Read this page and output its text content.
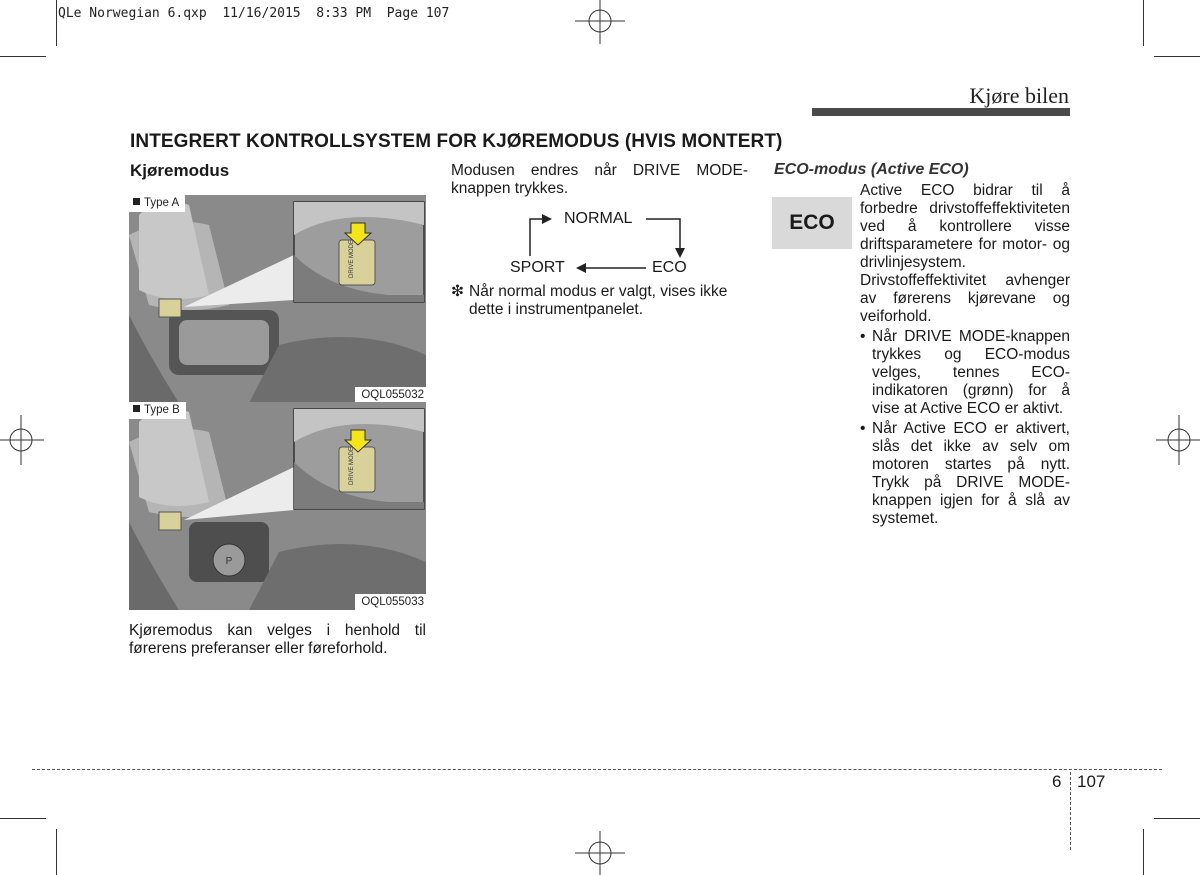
QLe Norwegian 6.qxp  11/16/2015  8:33 PM  Page 107
Kjøre bilen
INTEGRERT KONTROLLSYSTEM FOR KJØREMODUS (HVIS MONTERT)
Kjøremodus
DRIVE MODE
Type A
OQL055032
P
DRIVE MODE
Type B
OQL055033
Kjøremodus kan velges i henhold til førerens preferanser eller føreforhold.
Modusen endres når DRIVE MODE-knappen trykkes.
NORMAL
ECO
SPORT
❇ Når normal modus er valgt, vises ikke dette i instrumentpanelet.
ECO-modus (Active ECO)
ECO
Active ECO bidrar til å forbedre drivstoffeffektiviteten ved å kontrollere visse driftsparametere for motor- og drivlinjesystem. Drivstoffeffektivitet avhenger av førerens kjørevane og veiforhold.
• Når DRIVE MODE-knappen trykkes og ECO-modus velges, tennes ECO-indikatoren (grønn) for å vise at Active ECO er aktivt.
• Når Active ECO er aktivert, slås det ikke av selv om motoren startes på nytt. Trykk på DRIVE MODE-knappen igjen for å slå av systemet.
6 107
